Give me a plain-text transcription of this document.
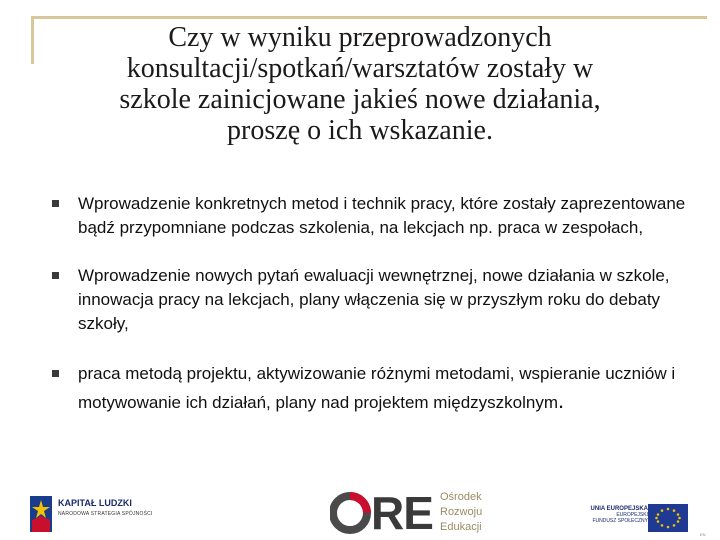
Czy w wyniku przeprowadzonych
konsultacji/spotkań/warsztatów zostały w
szkole zainicjowane jakieś nowe działania,
proszę o ich wskazanie.
Wprowadzenie konkretnych metod i technik pracy, które zostały zaprezentowane bądź przypomniane podczas szkolenia, na lekcjach np. praca w zespołach,
Wprowadzenie nowych pytań ewaluacji wewnętrznej, nowe działania w szkole, innowacja pracy na lekcjach, plany włączenia się w przyszłym roku do debaty szkoły,
praca metodą projektu, aktywizowanie różnymi metodami, wspieranie uczniów i motywowanie ich działań, plany nad projektem międzyszkolnym.
KAPITAŁ LUDZKI
NARODOWA STRATEGIA SPÓJNOŚCI	RE Ośrodek
Rozwoju
Edukacji
UNIA EUROPEJSKA
EUROPEJSKI
FUNDUSZ SPOŁECZNY
EN
